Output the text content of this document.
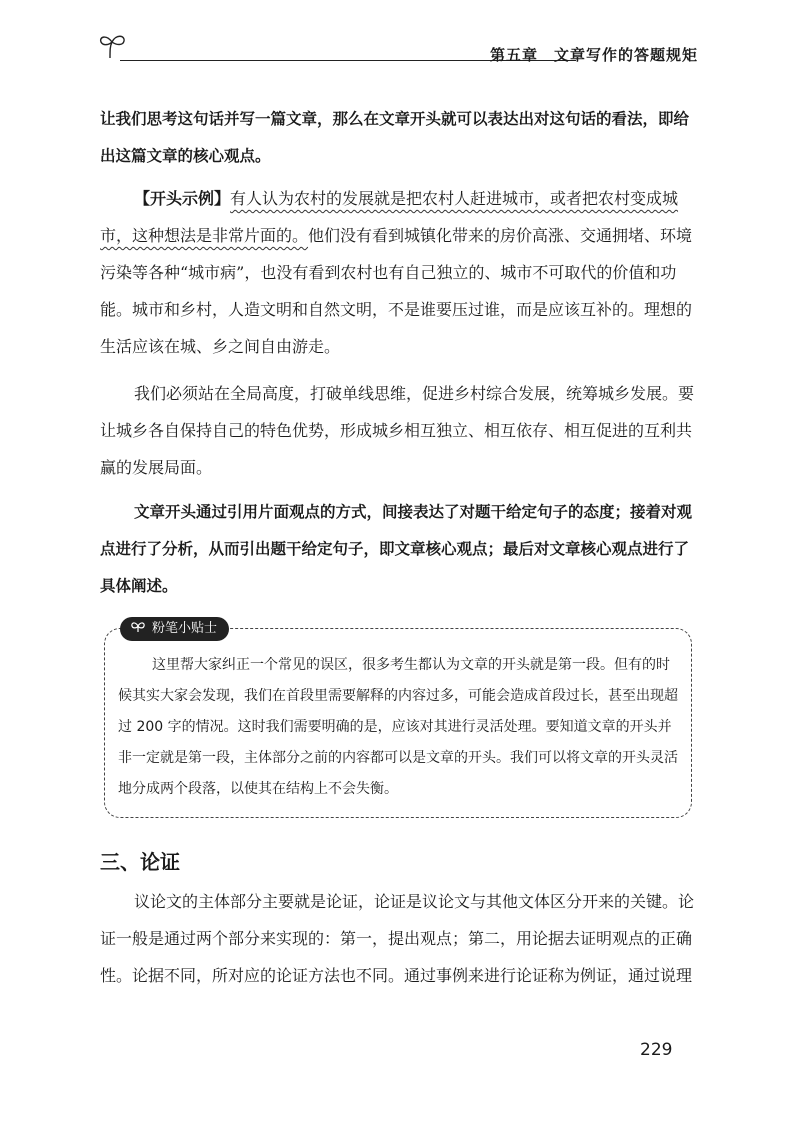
第五章 文章写作的答题规矩

让我们思考这句话并写一篇文章，那么在文章开头就可以表达出对这句话的看法，即给出这篇文章的核心观点。

【开头示例】有人认为农村的发展就是把农村人赶进城市，或者把农村变成城市，这种想法是非常片面的。他们没有看到城镇化带来的房价高涨、交通拥堵、环境污染等各种“城市病”，也没有看到农村也有自己独立的、城市不可取代的价值和功能。城市和乡村，人造文明和自然文明，不是谁要压过谁，而是应该互补的。理想的生活应该在城、乡之间自由游走。

我们必须站在全局高度，打破单线思维，促进乡村综合发展，统筹城乡发展。要让城乡各自保持自己的特色优势，形成城乡相互独立、相互依存、相互促进的互利共赢的发展局面。

文章开头通过引用片面观点的方式，间接表达了对题干给定句子的态度；接着对观点进行了分析，从而引出题干给定句子，即文章核心观点；最后对文章核心观点进行了具体阐述。

粉笔小贴士

这里帮大家纠正一个常见的误区，很多考生都认为文章的开头就是第一段。但有的时候其实大家会发现，我们在首段里需要解释的内容过多，可能会造成首段过长，甚至出现超过 200 字的情况。这时我们需要明确的是，应该对其进行灵活处理。要知道文章的开头并非一定就是第一段，主体部分之前的内容都可以是文章的开头。我们可以将文章的开头灵活地分成两个段落，以使其在结构上不会失衡。

三、论证

议论文的主体部分主要就是论证，论证是议论文与其他文体区分开来的关键。论证一般是通过两个部分来实现的：第一，提出观点；第二，用论据去证明观点的正确性。论据不同，所对应的论证方法也不同。通过事例来进行论证称为例证，通过说理

229
